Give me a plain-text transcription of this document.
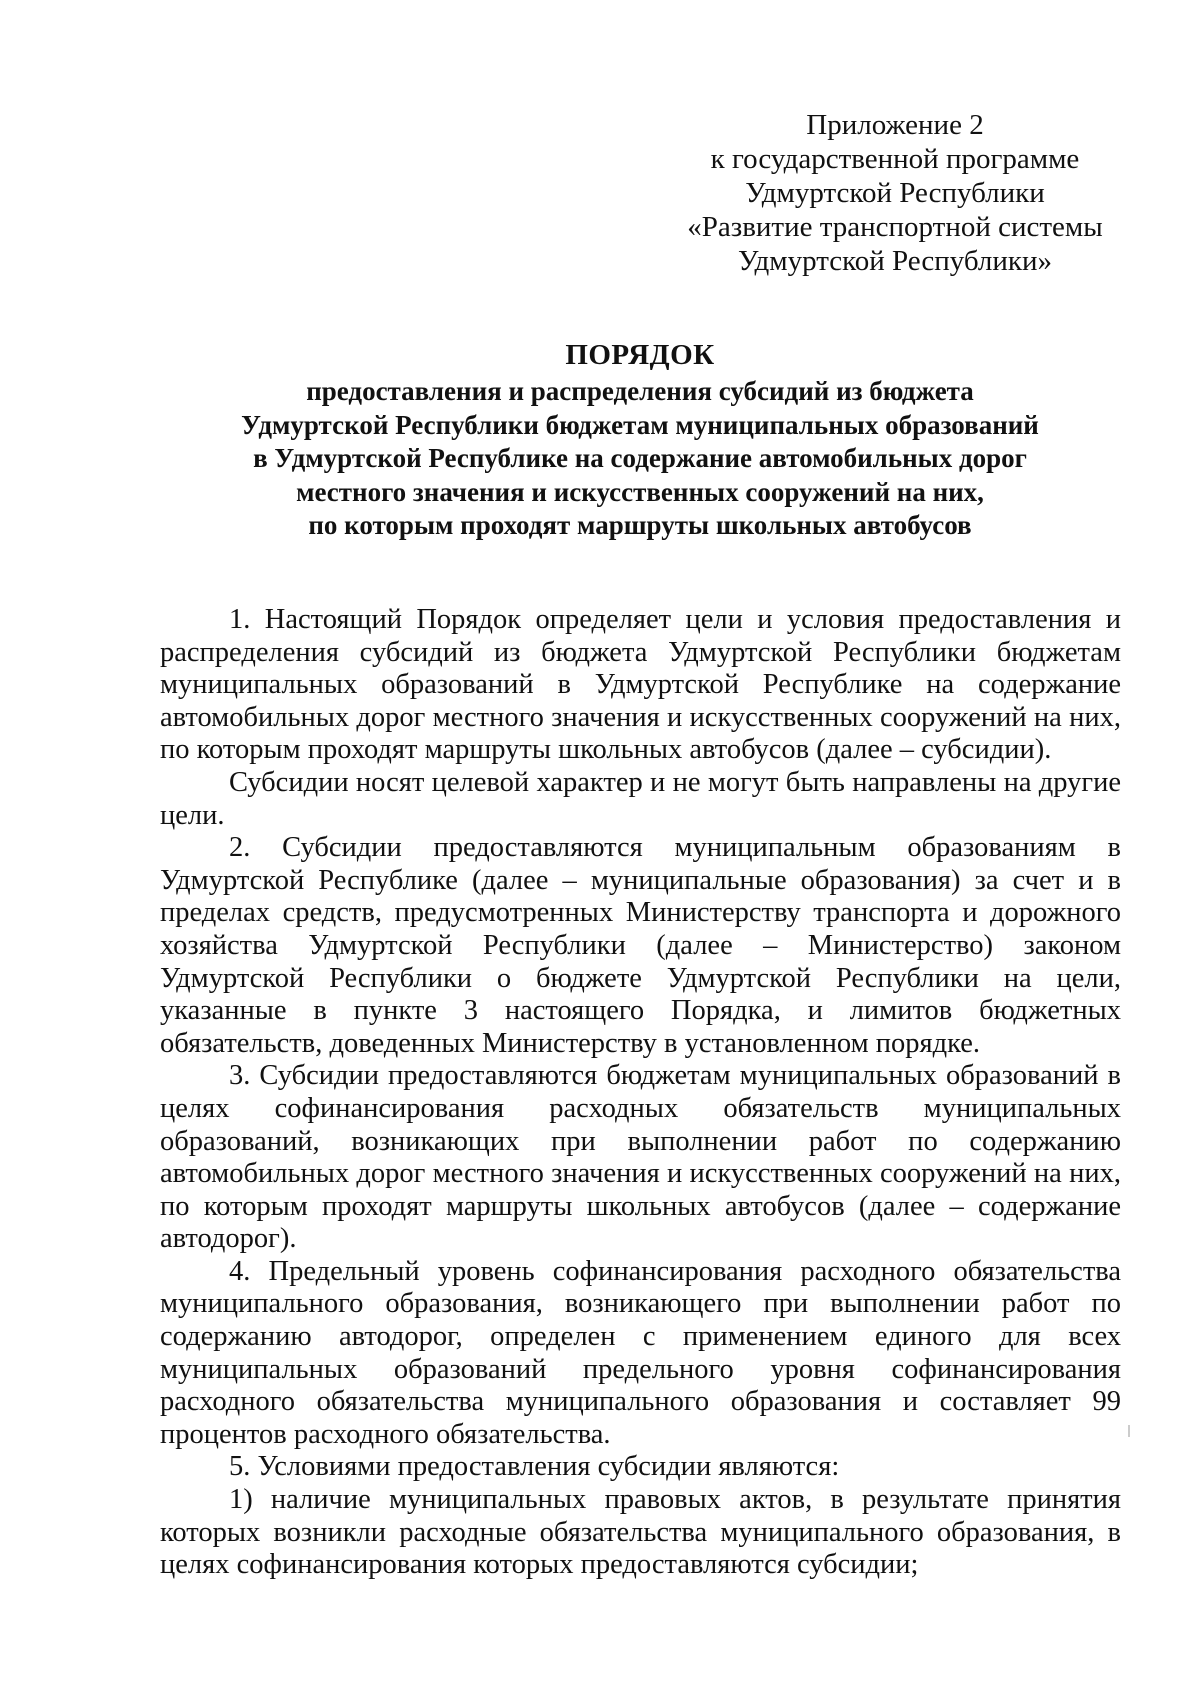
Приложение 2
к государственной программе
Удмуртской Республики
«Развитие транспортной системы
Удмуртской Республики»
ПОРЯДОК
предоставления и распределения субсидий из бюджета
Удмуртской Республики бюджетам муниципальных образований
в Удмуртской Республике на содержание автомобильных дорог
местного значения и искусственных сооружений на них,
по которым проходят маршруты школьных автобусов

1. Настоящий Порядок определяет цели и условия предоставления и распределения субсидий из бюджета Удмуртской Республики бюджетам муниципальных образований в Удмуртской Республике на содержание автомобильных дорог местного значения и искусственных сооружений на них, по которым проходят маршруты школьных автобусов (далее – субсидии).

Субсидии носят целевой характер и не могут быть направлены на другие цели.

2. Субсидии предоставляются муниципальным образованиям в Удмуртской Республике (далее – муниципальные образования) за счет и в пределах средств, предусмотренных Министерству транспорта и дорожного хозяйства Удмуртской Республики (далее – Министерство) законом Удмуртской Республики о бюджете Удмуртской Республики на цели, указанные в пункте 3 настоящего Порядка, и лимитов бюджетных обязательств, доведенных Министерству в установленном порядке.

3. Субсидии предоставляются бюджетам муниципальных образований в целях софинансирования расходных обязательств муниципальных образований, возникающих при выполнении работ по содержанию автомобильных дорог местного значения и искусственных сооружений на них, по которым проходят маршруты школьных автобусов (далее – содержание автодорог).

4. Предельный уровень софинансирования расходного обязательства муниципального образования, возникающего при выполнении работ по содержанию автодорог, определен с применением единого для всех муниципальных образований предельного уровня софинансирования расходного обязательства муниципального образования и составляет 99 процентов расходного обязательства.

5. Условиями предоставления субсидии являются:

1) наличие муниципальных правовых актов, в результате принятия которых возникли расходные обязательства муниципального образования, в целях софинансирования которых предоставляются субсидии;
